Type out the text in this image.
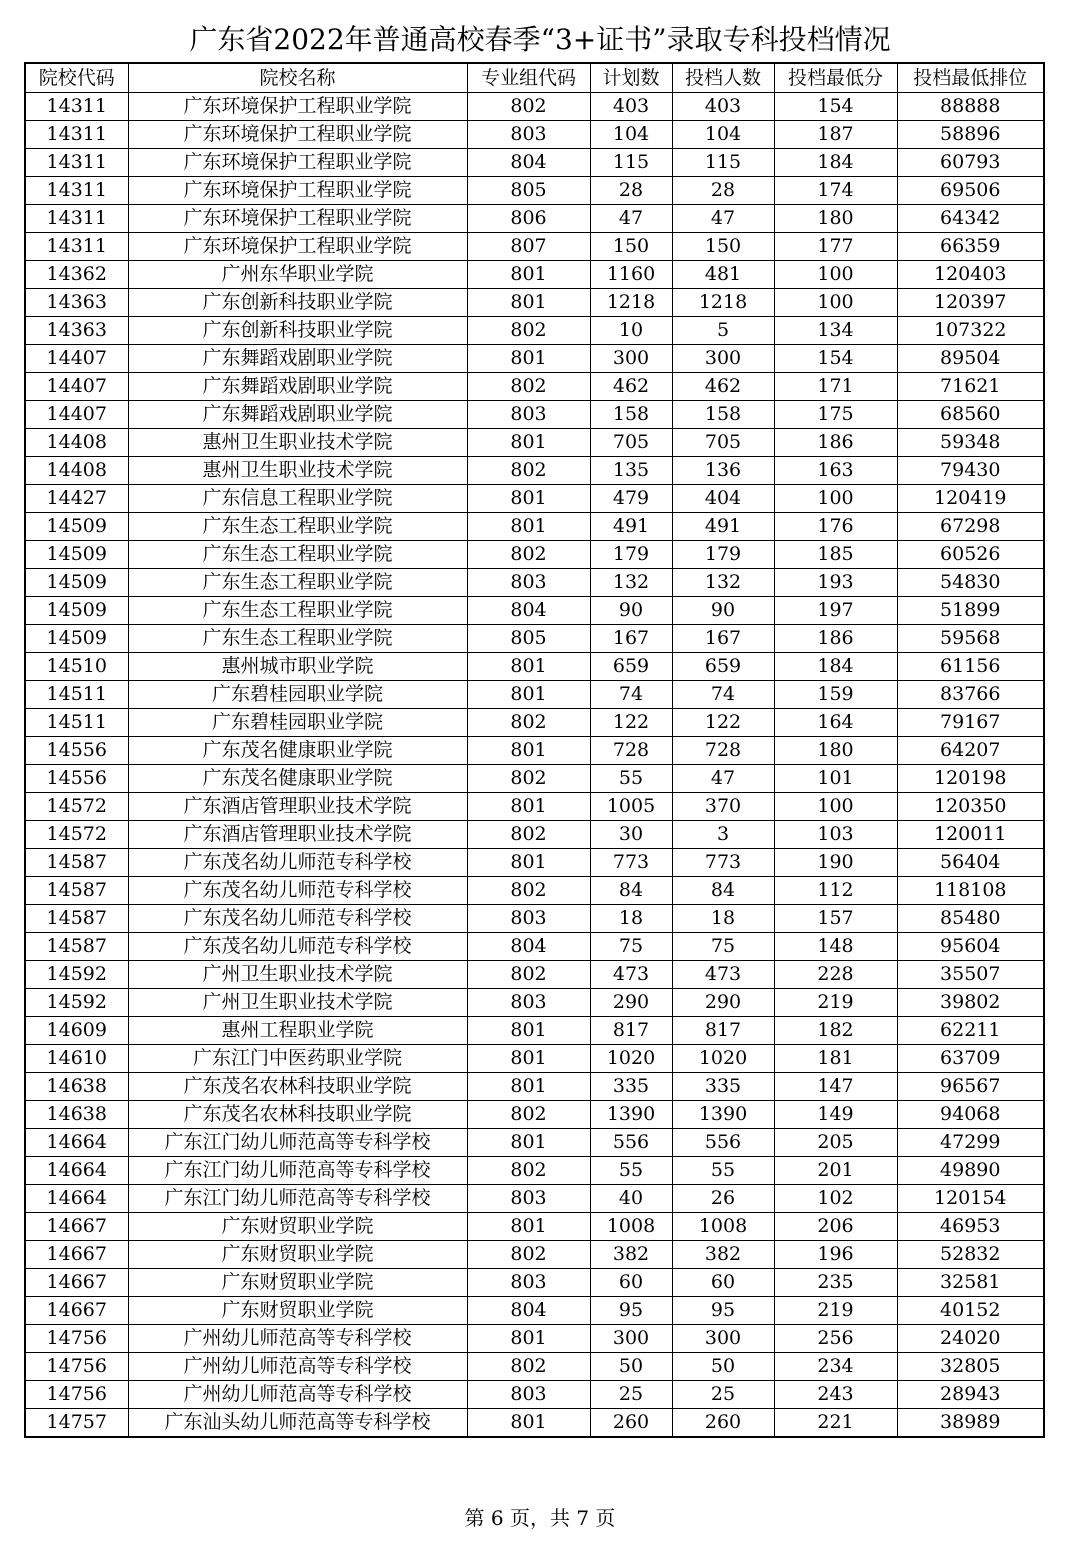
广东省2022年普通高校春季“3+证书”录取专科投档情况
院校代码	院校名称	专业组代码	计划数	投档人数	投档最低分	投档最低排位
14311	广东环境保护工程职业学院	802	403	403	154	88888
14311	广东环境保护工程职业学院	803	104	104	187	58896
14311	广东环境保护工程职业学院	804	115	115	184	60793
14311	广东环境保护工程职业学院	805	28	28	174	69506
14311	广东环境保护工程职业学院	806	47	47	180	64342
14311	广东环境保护工程职业学院	807	150	150	177	66359
14362	广州东华职业学院	801	1160	481	100	120403
14363	广东创新科技职业学院	801	1218	1218	100	120397
14363	广东创新科技职业学院	802	10	5	134	107322
14407	广东舞蹈戏剧职业学院	801	300	300	154	89504
14407	广东舞蹈戏剧职业学院	802	462	462	171	71621
14407	广东舞蹈戏剧职业学院	803	158	158	175	68560
14408	惠州卫生职业技术学院	801	705	705	186	59348
14408	惠州卫生职业技术学院	802	135	136	163	79430
14427	广东信息工程职业学院	801	479	404	100	120419
14509	广东生态工程职业学院	801	491	491	176	67298
14509	广东生态工程职业学院	802	179	179	185	60526
14509	广东生态工程职业学院	803	132	132	193	54830
14509	广东生态工程职业学院	804	90	90	197	51899
14509	广东生态工程职业学院	805	167	167	186	59568
14510	惠州城市职业学院	801	659	659	184	61156
14511	广东碧桂园职业学院	801	74	74	159	83766
14511	广东碧桂园职业学院	802	122	122	164	79167
14556	广东茂名健康职业学院	801	728	728	180	64207
14556	广东茂名健康职业学院	802	55	47	101	120198
14572	广东酒店管理职业技术学院	801	1005	370	100	120350
14572	广东酒店管理职业技术学院	802	30	3	103	120011
14587	广东茂名幼儿师范专科学校	801	773	773	190	56404
14587	广东茂名幼儿师范专科学校	802	84	84	112	118108
14587	广东茂名幼儿师范专科学校	803	18	18	157	85480
14587	广东茂名幼儿师范专科学校	804	75	75	148	95604
14592	广州卫生职业技术学院	802	473	473	228	35507
14592	广州卫生职业技术学院	803	290	290	219	39802
14609	惠州工程职业学院	801	817	817	182	62211
14610	广东江门中医药职业学院	801	1020	1020	181	63709
14638	广东茂名农林科技职业学院	801	335	335	147	96567
14638	广东茂名农林科技职业学院	802	1390	1390	149	94068
14664	广东江门幼儿师范高等专科学校	801	556	556	205	47299
14664	广东江门幼儿师范高等专科学校	802	55	55	201	49890
14664	广东江门幼儿师范高等专科学校	803	40	26	102	120154
14667	广东财贸职业学院	801	1008	1008	206	46953
14667	广东财贸职业学院	802	382	382	196	52832
14667	广东财贸职业学院	803	60	60	235	32581
14667	广东财贸职业学院	804	95	95	219	40152
14756	广州幼儿师范高等专科学校	801	300	300	256	24020
14756	广州幼儿师范高等专科学校	802	50	50	234	32805
14756	广州幼儿师范高等专科学校	803	25	25	243	28943
14757	广东汕头幼儿师范高等专科学校	801	260	260	221	38989
第 6 页，共 7 页
